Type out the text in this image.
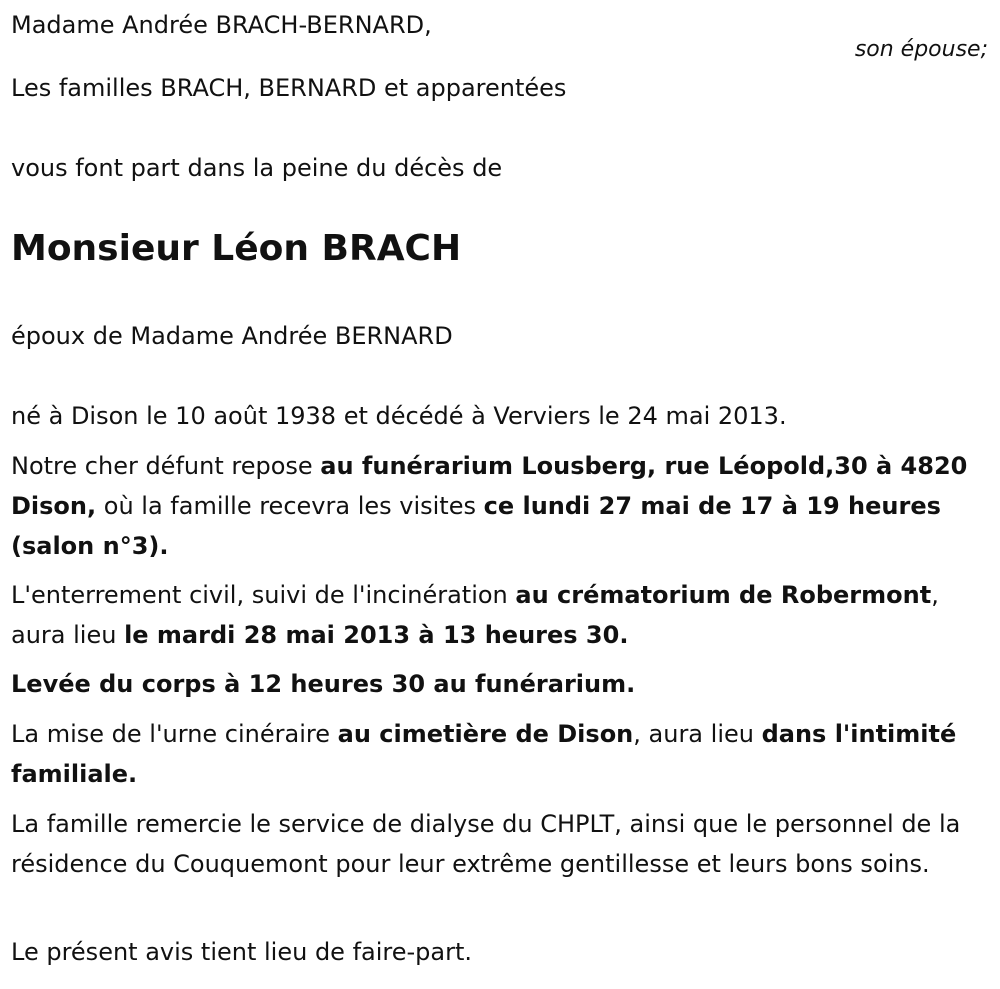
Madame Andrée BRACH-BERNARD,

son épouse;

Les familles BRACH, BERNARD et apparentées

vous font part dans la peine du décès de

Monsieur Léon BRACH

époux de Madame Andrée BERNARD

né à Dison le 10 août 1938 et décédé à Verviers le 24 mai 2013.

Notre cher défunt repose au funérarium Lousberg, rue Léopold,30 à 4820 Dison, où la famille recevra les visites ce lundi 27 mai de 17 à 19 heures (salon n°3).

L'enterrement civil, suivi de l'incinération au crématorium de Robermont, aura lieu le mardi 28 mai 2013 à 13 heures 30.

Levée du corps à 12 heures 30 au funérarium.

La mise de l'urne cinéraire au cimetière de Dison, aura lieu dans l'intimité familiale.

La famille remercie le service de dialyse du CHPLT, ainsi que le personnel de la résidence du Couquemont pour leur extrême gentillesse et leurs bons soins.

Le présent avis tient lieu de faire-part.
